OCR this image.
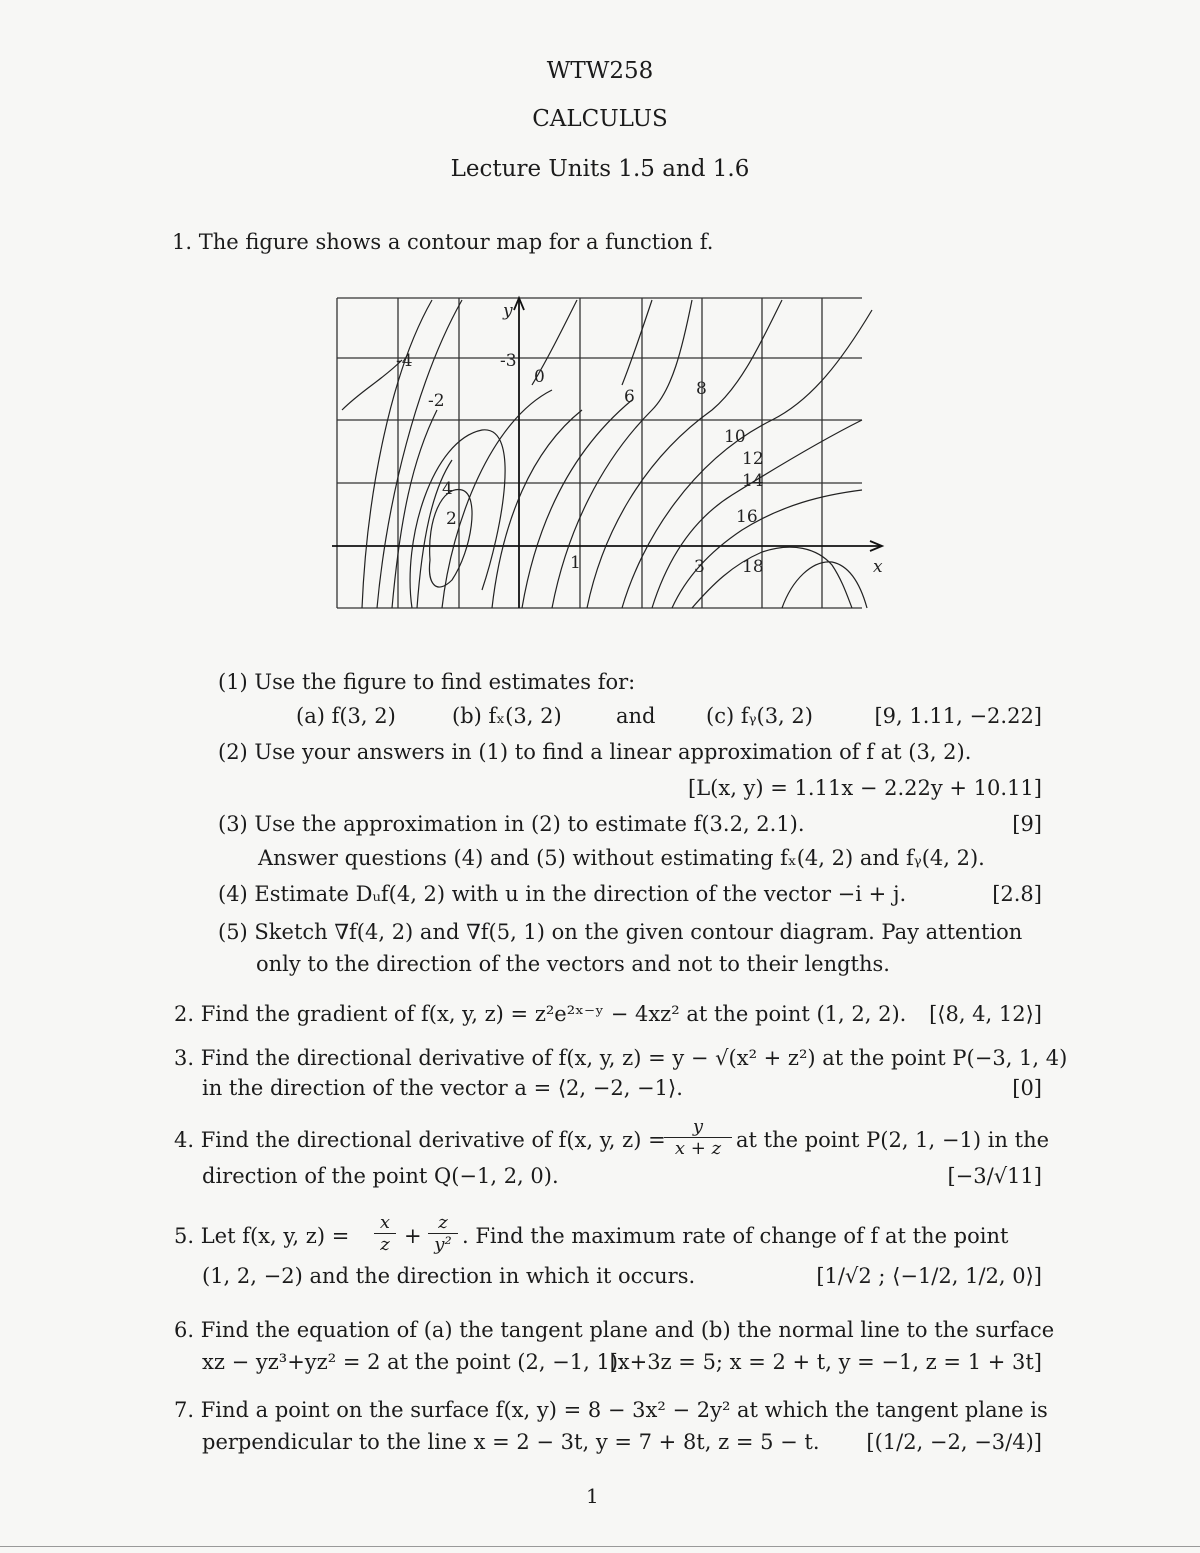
WTW258
CALCULUS
Lecture Units 1.5 and 1.6
1. The figure shows a contour map for a function f.
-4	-3
-2
0
2
4
6	8
10
12
14
16
18
1	3
y
x
(1) Use the figure to find estimates for:
(a) f(3, 2)	(b) fₓ(3, 2)	and (c) fᵧ(3, 2)	[9, 1.11, −2.22]
(2) Use your answers in (1) to find a linear approximation of f at (3, 2).
[L(x, y) = 1.11x − 2.22y + 10.11]
(3) Use the approximation in (2) to estimate f(3.2, 2.1).	[9]
Answer questions (4) and (5) without estimating fₓ(4, 2) and fᵧ(4, 2).
(4) Estimate Dᵤf(4, 2) with u in the direction of the vector −i + j.	[2.8]
(5) Sketch ∇f(4, 2) and ∇f(5, 1) on the given contour diagram. Pay attention
only to the direction of the vectors and not to their lengths.
2. Find the gradient of f(x, y, z) = z²e²ˣ⁻ʸ − 4xz² at the point (1, 2, 2). [⟨8, 4, 12⟩]
3. Find the directional derivative of f(x, y, z) = y − √(x² + z²) at the point P(−3, 1, 4)
in the direction of the vector a = ⟨2, −2, −1⟩.	[0]
4. Find the directional derivative of f(x, y, z) =
$\frac{y}{x + z}$ at the point P(2, 1, −1) in the
direction of the point Q(−1, 2, 0).	[−3/√11]
5. Let f(x, y, $z) = \frac{x}{z} + \frac{z}{\text{y²}}$ . Find the maximum rate of change of f at the point
(1, 2, −2) and the direction in which it occurs.	[1/√2 ; ⟨−1/2, 1/2, 0⟩]
6. Find the equation of (a) the tangent plane and (b) the normal line to the surface
xz − yz³+yz² = 2 at the point (2, −1, 1).
[x+3z = 5; x = 2 + t, y = −1, z = 1 + 3t]
7. Find a point on the surface f(x, y) = 8 − 3x² − 2y² at which the tangent plane is
perpendicular to the line x = 2 − 3t, y = 7 + 8t, z = 5 − t. [(1/2, −2, −3/4)]
1
